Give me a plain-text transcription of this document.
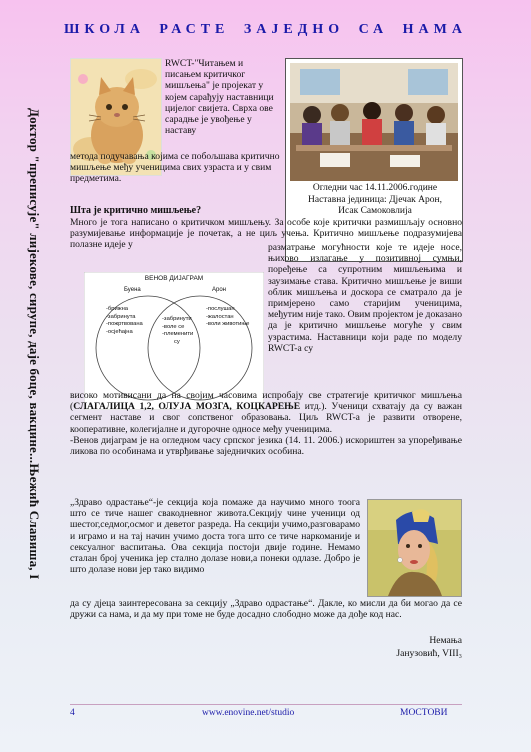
ШКОЛА РАСТЕ ЗАЈЕДНО СА НАМА
Доктор "преписује" лијекове, сирупе, даје боце, вакцине...Њежић Славиша, I
RWCT-"Читањем и писањем критичког мишљења" је пројекат у којем сарађују наставници цијелог свијета. Сврха ове сарадње је увођење у наставу
метода подучавања којима се побољшава критично мишљење међу ученицима свих узраста и у свим предметима.
Огледни час 14.11.2006.године
Наставна јединица: Дјечак Арон,
Исак Самоковлија
Шта је критично мишљење?
Много је тога написано о критичком мишљењу. За особе које критички размишљају основно разумијевање информације је почетак, а не циљ учења. Критично мишљење подразумијева полазне идеје у
ВЕНОВ ДИЈАГРАМ
Буена	Арон
-брижна
-забринута
-пожртвована
-осјећајна
-забринути
-воле се
-племенити
су
-послушан
-жалостан
-воли животиње
разматрање могућности које те идеје носе, њихово излагање у позитивној сумњи, поређење са супротним мишљењима и заузимање става. Критично мишљење је виши облик мишљења и доскора се сматрало да је примјерено само старијим ученицима, међутим није тако. Овим пројектом је доказано да је критично мишљење могуће у свим узрастима. Наставници који раде по моделу RWCT-а су
високо мотивисани да на својим часовима испробају све стратегије критичког мишљења (СЛАГАЛИЦА 1,2, ОЛУЈА МОЗГА, КОЦКАРЕЊЕ итд.). Ученици схватају да су важан сегмент наставе и свог сопственог образовања. Циљ RWCT-а је развити отворене, кооперативне, колегијалне и дугорочне односе међу ученицима.
-Венов дијаграм је на огледном часу српског језика (14. 11. 2006.) искориштен за упоређивање ликова по особинама и утврђивање заједничких особина.
„Здраво одрастање“-је секција која помаже да научимо много тоога што се тиче нашег свакодневног живота.Секцију чине ученици од шестог,седмог,осмог и деветог разреда. На секцији учимо,разговарамо и играмо и на тај начин учимо доста тога што се тиче наркоманије и сексуалног васпитања. Ова секција постоји двије године. Немамо сталан број ученика јер стално долазе нови,а понеки одлазе. Добро је што долазе нови јер тако видимо
да су дјеца заинтересована за секцију „Здраво одрастање“. Дакле, ко мисли да би могао да се дружи са нама, и да му при томе не буде досадно слободно може да дође код нас.
Немања
Јанузовић, VIII₃
4	www.enovine.net/studio	МОСТОВИ
